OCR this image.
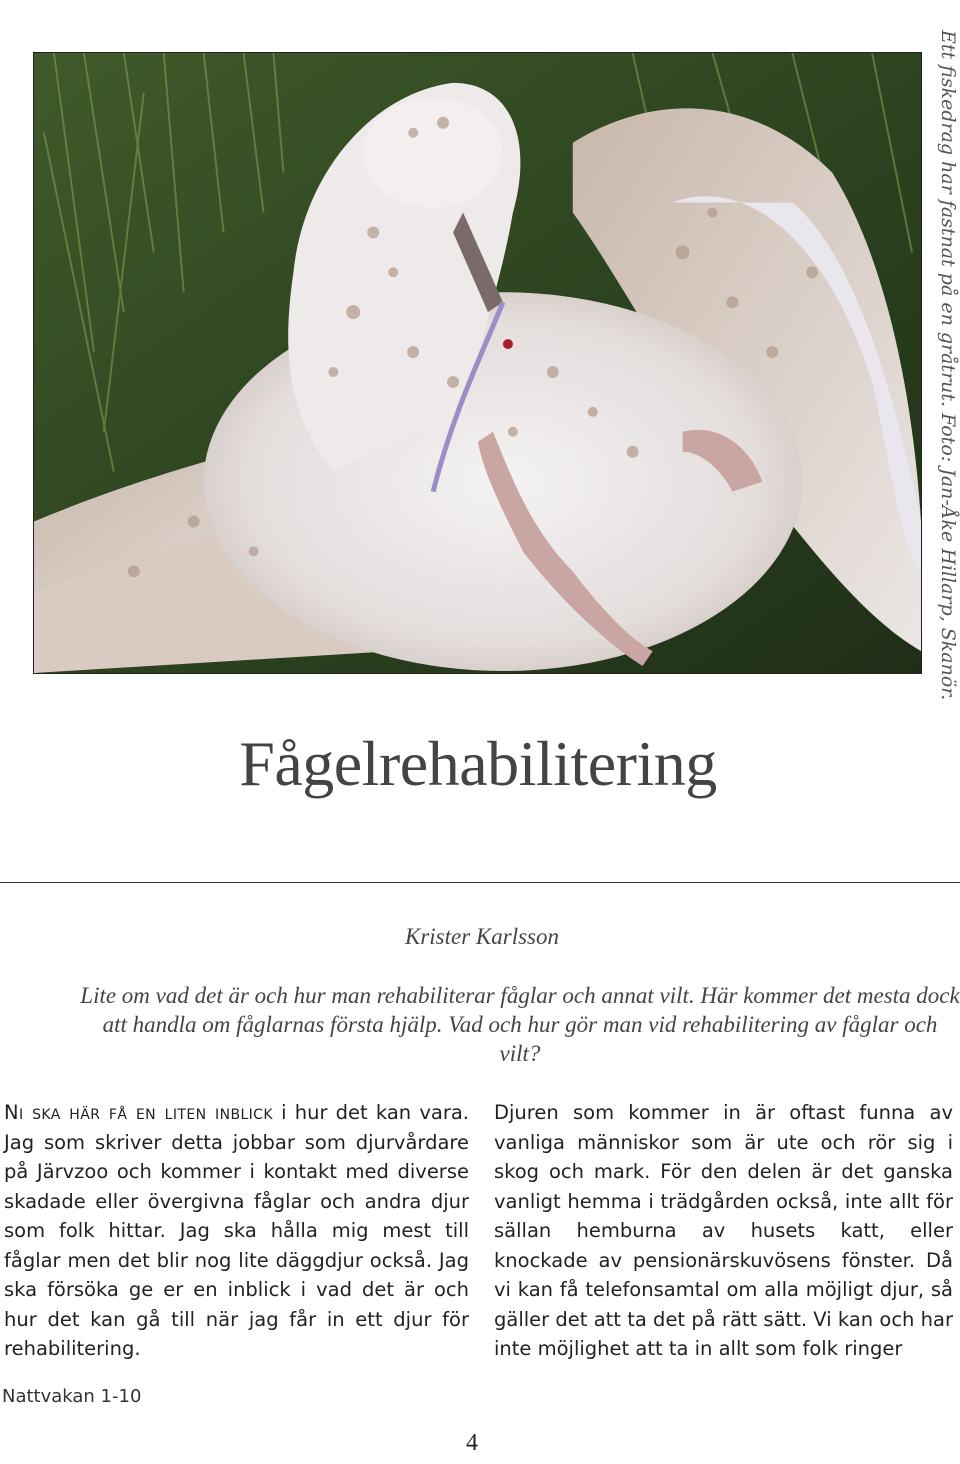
Ett fiskedrag har fastnat på en gråtrut. Foto: Jan-Åke Hillarp, Skanör.
Fågelrehabilitering
Krister Karlsson

Lite om vad det är och hur man rehabiliterar fåglar och annat vilt. Här kommer det mesta dock att handla om fåglarnas första hjälp. Vad och hur gör man vid rehabilitering av fåglar och vilt?

Ni ska här få en liten inblick i hur det kan vara. Jag som skriver detta jobbar som djurvårdare på Järvzoo och kommer i kontakt med diverse skadade eller övergivna fåglar och andra djur som folk hittar. Jag ska hålla mig mest till fåglar men det blir nog lite däggdjur också. Jag ska försöka ge er en inblick i vad det är och hur det kan gå till när jag får in ett djur för rehabilitering.

Djuren som kommer in är oftast funna av vanliga människor som är ute och rör sig i skog och mark. För den delen är det ganska vanligt hemma i trädgården också, inte allt för sällan hemburna av husets katt, eller knockade av pensionärskuvösens fönster. Då vi kan få telefonsamtal om alla möjligt djur, så gäller det att ta det på rätt sätt. Vi kan och har inte möjlighet att ta in allt som folk ringer

Nattvakan 1-10
4
